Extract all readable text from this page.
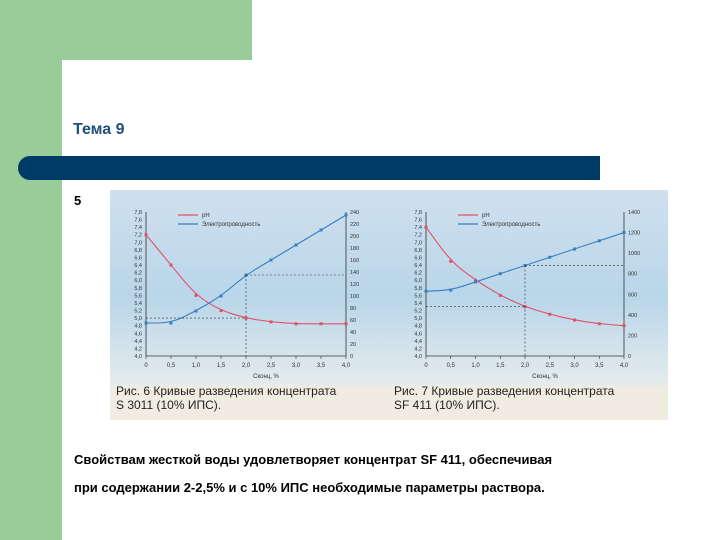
Тема 9
5
0	0,5	1,0	1,5	2,0	2,5	3,0	3,5	4,0
7,8
7,6
7,4
7,2
7,0
6,8
6,6
6,4
6,2
6,0
5,8
5,6
5,4
5,2
5,0
4,8
4,6
4,4
4,2
4,0
240
220
200
180
160
140
120
100
80
60
40
20
0
Cконц, %
pH
Электропроводность
0	0,5	1,0	1,5	2,0	2,5	3,0	3,5	4,0
7,8
7,6
7,4
7,2
7,0
6,8
6,6
6,4
6,2
6,0
5,8
5,6
5,4
5,2
5,0
4,8
4,6
4,4
4,2
4,0
1400
1200
1000
800
600
400
200
0
Cконц, %
pH
Электропроводность
Рис. 6 Кривые разведения концентрата
S 3011 (10% ИПС).
Рис. 7 Кривые разведения концентрата
SF 411 (10% ИПС).
Свойствам жесткой воды удовлетворяет концентрат SF 411, обеспечивая
при содержании 2-2,5% и с 10% ИПС необходимые параметры раствора.
